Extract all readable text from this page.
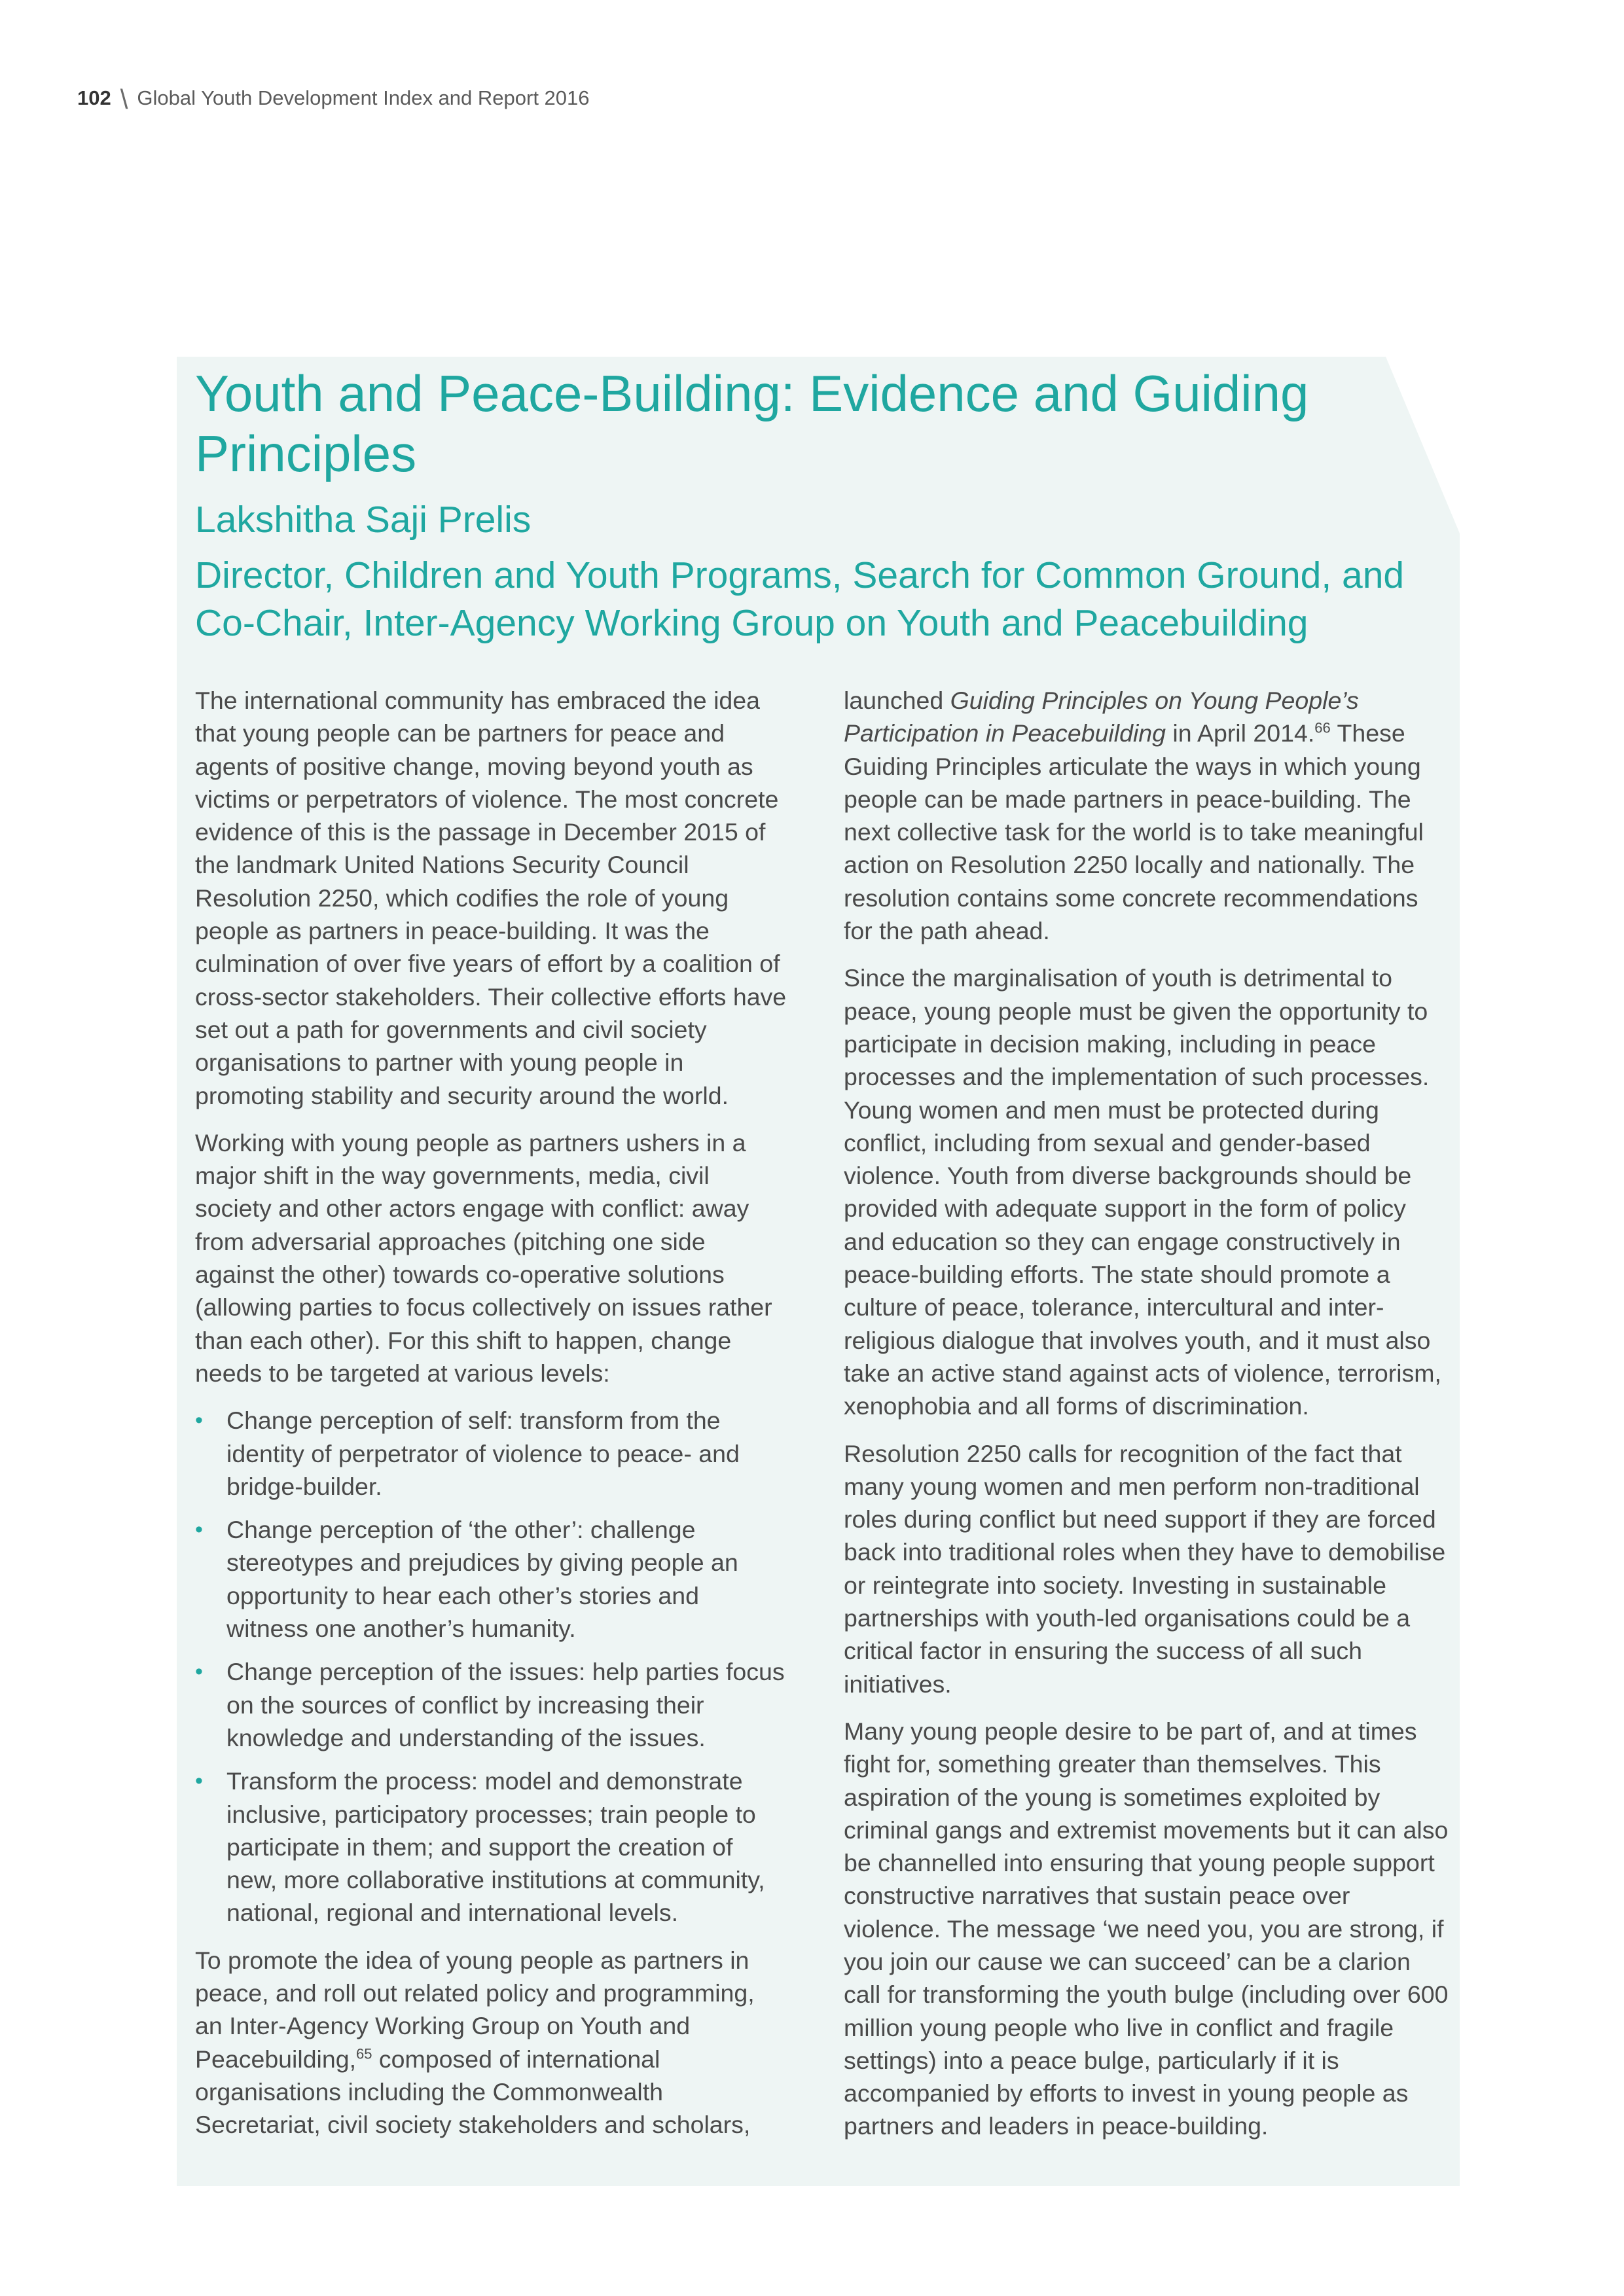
102 \ Global Youth Development Index and Report 2016
Youth and Peace-Building: Evidence and Guiding Principles
Lakshitha Saji Prelis
Director, Children and Youth Programs, Search for Common Ground, and Co-Chair, Inter-Agency Working Group on Youth and Peacebuilding

The international community has embraced the idea that young people can be partners for peace and agents of positive change, moving beyond youth as victims or perpetrators of violence. The most concrete evidence of this is the passage in December 2015 of the landmark United Nations Security Council Resolution 2250, which codifies the role of young people as partners in peace-building. It was the culmination of over five years of effort by a coalition of cross-sector stakeholders. Their collective efforts have set out a path for governments and civil society organisations to partner with young people in promoting stability and security around the world.

Working with young people as partners ushers in a major shift in the way governments, media, civil society and other actors engage with conflict: away from adversarial approaches (pitching one side against the other) towards co-operative solutions (allowing parties to focus collectively on issues rather than each other). For this shift to happen, change needs to be targeted at various levels:

• Change perception of self: transform from the identity of perpetrator of violence to peace- and bridge-builder.
• Change perception of ‘the other’: challenge stereotypes and prejudices by giving people an opportunity to hear each other’s stories and witness one another’s humanity.
• Change perception of the issues: help parties focus on the sources of conflict by increasing their knowledge and understanding of the issues.
• Transform the process: model and demonstrate inclusive, participatory processes; train people to participate in them; and support the creation of new, more collaborative institutions at community, national, regional and international levels.

To promote the idea of young people as partners in peace, and roll out related policy and programming, an Inter-Agency Working Group on Youth and Peacebuilding,$^{65}$ composed of international organisations including the Commonwealth Secretariat, civil society stakeholders and scholars,

launched Guiding Principles on Young People’s Participation in Peacebuilding in April 2014.66 These Guiding Principles articulate the ways in which young people can be made partners in peace-building. The next collective task for the world is to take meaningful action on Resolution 2250 locally and nationally. The resolution contains some concrete recommendations for the path ahead.

Since the marginalisation of youth is detrimental to peace, young people must be given the opportunity to participate in decision making, including in peace processes and the implementation of such processes. Young women and men must be protected during conflict, including from sexual and gender-based violence. Youth from diverse backgrounds should be provided with adequate support in the form of policy and education so they can engage constructively in peace-building efforts. The state should promote a culture of peace, tolerance, intercultural and inter-religious dialogue that involves youth, and it must also take an active stand against acts of violence, terrorism, xenophobia and all forms of discrimination.

Resolution 2250 calls for recognition of the fact that many young women and men perform non-traditional roles during conflict but need support if they are forced back into traditional roles when they have to demobilise or reintegrate into society. Investing in sustainable partnerships with youth-led organisations could be a critical factor in ensuring the success of all such initiatives.

Many young people desire to be part of, and at times fight for, something greater than themselves. This aspiration of the young is sometimes exploited by criminal gangs and extremist movements but it can also be channelled into ensuring that young people support constructive narratives that sustain peace over violence. The message ‘we need you, you are strong, if you join our cause we can succeed’ can be a clarion call for transforming the youth bulge (including over 600 million young people who live in conflict and fragile settings) into a peace bulge, particularly if it is accompanied by efforts to invest in young people as partners and leaders in peace-building.
